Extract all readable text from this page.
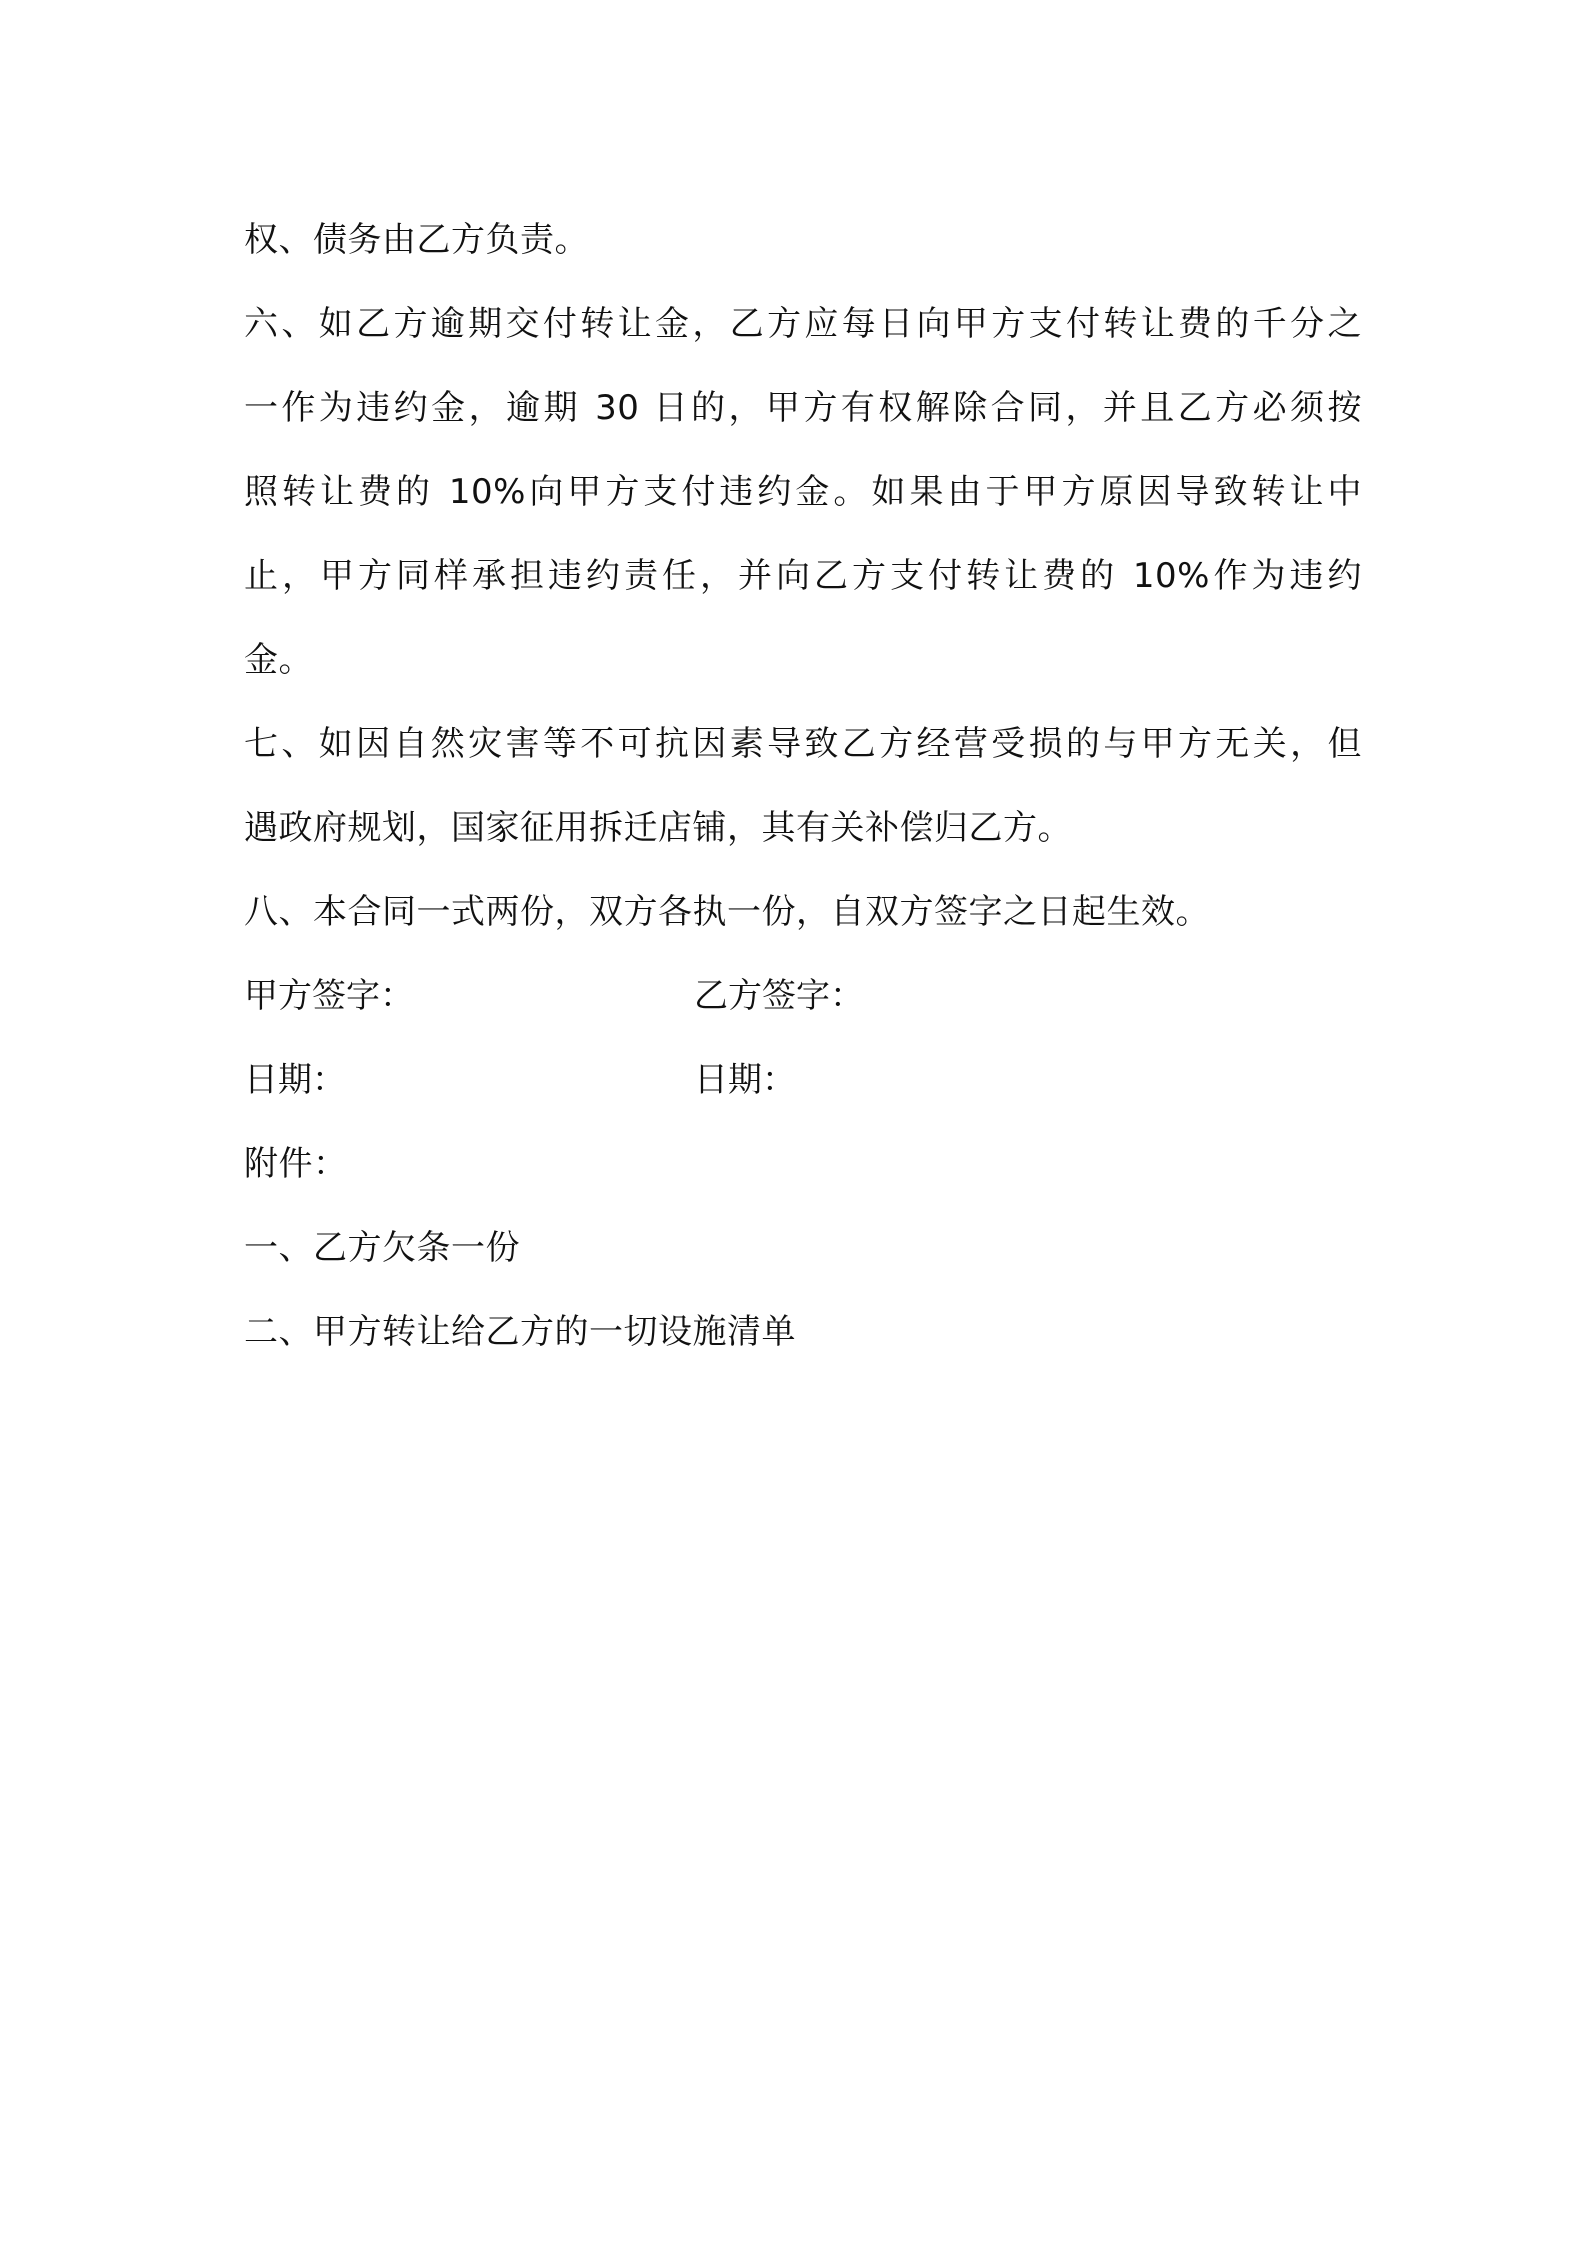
权、债务由乙方负责。
六、如乙方逾期交付转让金，乙方应每日向甲方支付转让费的千分之
一作为违约金，逾期 30 日的，甲方有权解除合同，并且乙方必须按
照转让费的 10%向甲方支付违约金。如果由于甲方原因导致转让中
止，甲方同样承担违约责任，并向乙方支付转让费的 10%作为违约
金。
七、如因自然灾害等不可抗因素导致乙方经营受损的与甲方无关，但
遇政府规划，国家征用拆迁店铺，其有关补偿归乙方。
八、本合同一式两份，双方各执一份，自双方签字之日起生效。
甲方签字：	乙方签字：
日期：	日期：
附件：
一、乙方欠条一份
二、甲方转让给乙方的一切设施清单
